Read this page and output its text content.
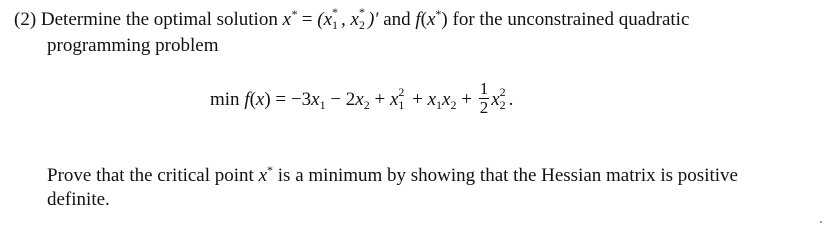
(2) Determine the optimal solution x* = (x *
1 , x *
2 )′ and f(x*) for the unconstrained quadratic
programming problem
$\min f(x) = -3x_1 - 2x_2 + x$ 2
$1 + x_1x_2 + \frac{1}{2}$ x 2
2 .
Prove that the critical point x* is a minimum by showing that the Hessian matrix is positive
definite.
